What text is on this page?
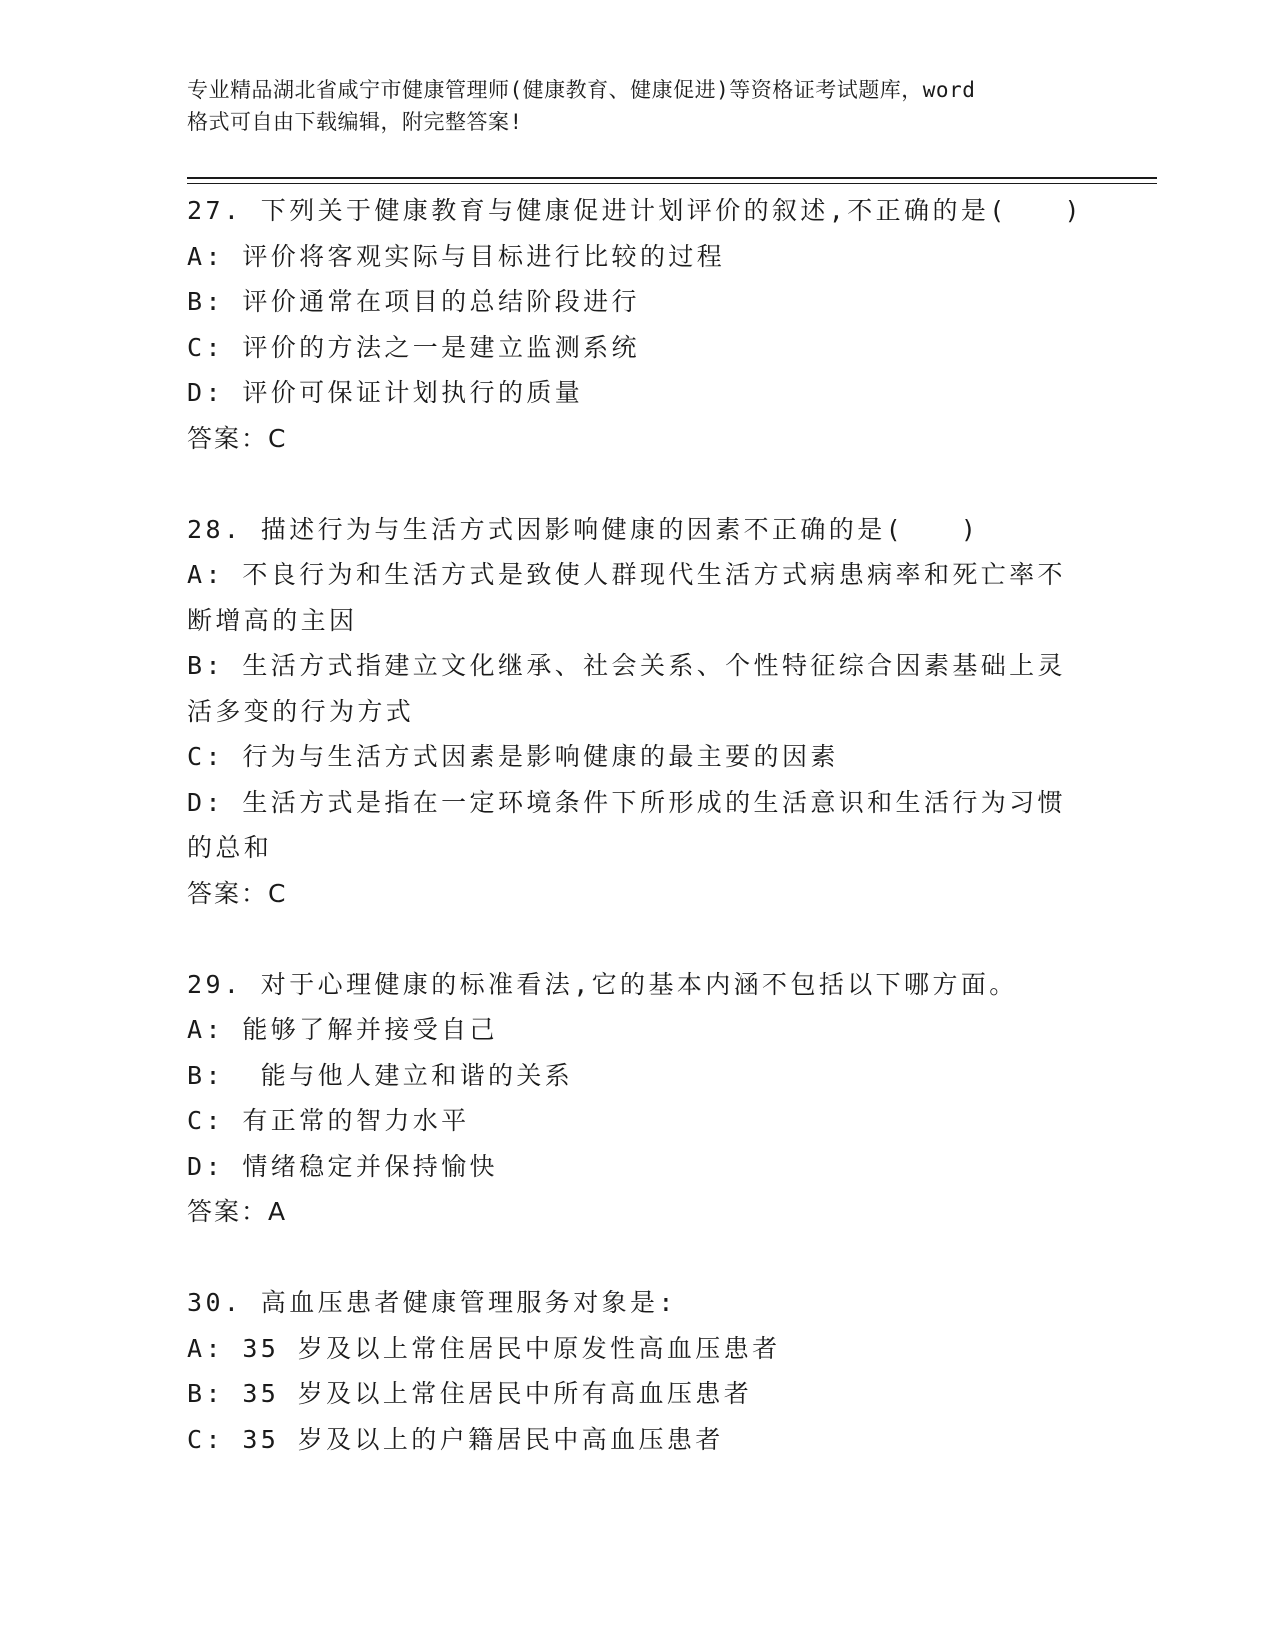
专业精品湖北省咸宁市健康管理师(健康教育、健康促进)等资格证考试题库，word
格式可自由下载编辑，附完整答案!
27. 下列关于健康教育与健康促进计划评价的叙述,不正确的是(　　)
A: 评价将客观实际与目标进行比较的过程
B: 评价通常在项目的总结阶段进行
C: 评价的方法之一是建立监测系统
D: 评价可保证计划执行的质量
答案：C
28. 描述行为与生活方式因影响健康的因素不正确的是(　　)
A: 不良行为和生活方式是致使人群现代生活方式病患病率和死亡率不断增高的主因
B: 生活方式指建立文化继承、社会关系、个性特征综合因素基础上灵活多变的行为方式
C: 行为与生活方式因素是影响健康的最主要的因素
D: 生活方式是指在一定环境条件下所形成的生活意识和生活行为习惯的总和
答案：C
29. 对于心理健康的标准看法,它的基本内涵不包括以下哪方面。
A: 能够了解并接受自己
B:  能与他人建立和谐的关系
C: 有正常的智力水平
D: 情绪稳定并保持愉快
答案：A
30. 高血压患者健康管理服务对象是:
A: 35 岁及以上常住居民中原发性高血压患者
B: 35 岁及以上常住居民中所有高血压患者
C: 35 岁及以上的户籍居民中高血压患者
